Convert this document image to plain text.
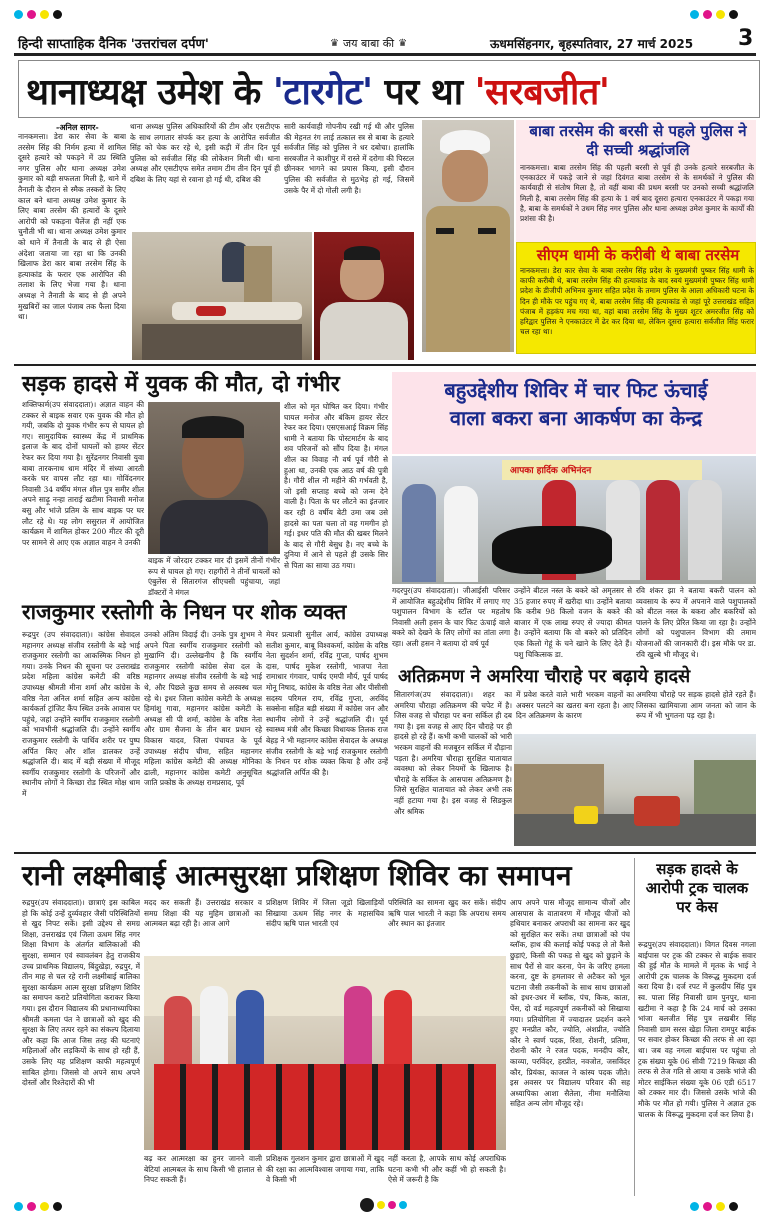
हिन्दी साप्ताहिक दैनिक 'उत्तरांचल दर्पण'	♛ जय बाबा की ♛	ऊधमसिंहनगर, बृहस्पतिवार, 27 मार्च 2025 3
थानाध्यक्ष उमेश के 'टारगेट' पर था 'सरबजीत'
-अनिल सागर-
नानकमत्ता। डेरा कार सेवा के बाबा तरसेम सिंह की निर्मम हत्या में शामिल दूसरे हत्यारे को पकड़ने में उप्र स्थिति नगर पुलिस और थाना अध्यक्ष उमेश कुमार को बड़ी सफलता मिली है, थाने में तैनाती के दौरान से स्मैक तस्करों के लिए काल बने थाना अध्यक्ष उमेश कुमार के लिए बाबा तरसेम की हत्यारों के दूसरे आरोपी को पकड़ना चैलेंज ही नहीं एक चुनौती भी था। थाना अध्यक्ष उमेश कुमार को थाने में तैनाती के बाद से ही ऐसा अंदेशा जताया जा रहा था कि उनकी खिलाफ डेरा कार बाबा तरसेम सिंह के हत्याकांड के फरार एक आरोपित की तलाश के लिए भेजा गया है। थाना अध्यक्ष ने तैनाती के बाद से ही अपने मुखबिरों का जाल पंजाब तक फैला दिया था।
थाना अध्यक्ष पुलिस अधिकारियों की टीम और एसटीएफ के साथ लगातार संपर्क कर हत्या के आरोपित सर्वजीत सिंह को चेक कर रहे थे, इसी कड़ी में तीन दिन पूर्व पुलिस को सर्वजीत सिंह की लोकेशन मिली थी। थाना अध्यक्ष और एसटीएफ समेत तमाम टीम तीन दिन पूर्व ही दबिश के लिए यहां से रवाना हो गई थी, दबिश की
सारी कार्यवाही गोपनीय रखी गई थी और पुलिस की मेहनत रंग लाई तत्काल स्त्र से बाबा के हत्यारे सर्वजीत सिंह को पुलिस ने धर दबोचा। हालांकि सरबजीत ने काशीपुर में रास्ते में दरोगा की पिस्टल छीनकर भागने का प्रयास किया, इसी दौरान पुलिस की सर्वजीत से मुठभेड़ हो गई, जिसमें उसके पैर में दो गोली लगी है।
बाबा तरसेम की बरसी से पहले पुलिस ने दी सच्ची श्रद्धांजलि
नानकमत्ता। बाबा तरसेम सिंह की पहली बरसी से पूर्व ही उनके हत्यारे सरबजीत के एनकाउंटर में पकड़े जाने से जहां दिवंगत बाबा तरसेम से के समर्थकों ने पुलिस की कार्यवाही से संतोष मिला है, तो वहीं बाबा की प्रथम बरसी पर उनको सच्ची श्रद्धांजलि मिली है, बाबा तरसेम सिंह की हत्या के 1 वर्ष बाद दूसरा हत्यारा एनकाउंटर में पकड़ा गया है, बाबा के समर्थकों ने उधम सिंह नगर पुलिस और थाना अध्यक्ष उमेश कुमार के कार्यों की प्रशंसा की है।
सीएम धामी के करीबी थे बाबा तरसेम
नानकमत्ता। डेरा कार सेवा के बाबा तरसेम सिंह प्रदेश के मुख्यमंत्री पुष्कर सिंह धामी के काफी करीबी थे, बाबा तरसेम सिंह की हत्याकांड के बाद स्वयं मुख्यमंत्री पुष्कर सिंह धामी प्रदेश के डीजीपी अभिनव कुमार सहित प्रदेश के तमाम पुलिस के आला अधिकारी घटना के दिन ही मौके पर पहुंच गए थे, बाबा तरसेम सिंह की हत्याकांड से जहां पूरे उत्तराखंड सहित पंजाब में हड़कंप मच गया था, वहां बाबा तरसेम सिंह के मुख्य शूटर अमरजीत सिंह को हरिद्वार पुलिस ने एनकाउंटर में ढेर कर दिया था, लेकिन दूसरा हत्यारा सर्वजीत सिंह फरार चल रहा था।
सड़क हादसे में युवक की मौत, दो गंभीर
शक्तिफार्म(उप संवाददाता)। अज्ञात वाहन की टक्कर से बाइक सवार एक युवक की मौत हो गयी, जबकि दो युवक गंभीर रूप से घायल हो गए। सामुदायिक स्वास्थ्य केंद्र में प्राथमिक इलाज के बाद दोनों घायलों को हायर सेंटर रेफर कर दिया गया है। सुरेंद्रनगर निवासी युवा बाबा तारकनाथ धाम मंदिर में संध्या आरती करके घर वापस लौट रहा था। गोविंदनगर निवासी 34 वर्षीय मंगल शील पुत्र समीर शील अपने साढ़ू नन्हा ताराई खटीमा निवासी मनोज बसु और भांजे प्रतिम के साथ बाइक पर घर लौट रहे थे। यह लोग ससुराल में आयोजित कार्यक्रम में शामिल होकर 200 मीटर की दूरी पर सामने से आए एक अज्ञात वाहन ने उनकी
बाइक में जोरदार टक्कर मार दी इसमें तीनों गंभीर रूप से घायल हो गए। राहगीरों ने तीनों घायलों को एंबुलेंस से सितारगंज सीएचसी पहुंचाया, जहां डॉक्टरों ने मंगल
शील को मृत घोषित कर दिया। गंभीर घायल मनोज और बंकिम हायर सेंटर रेफर कर दिया। एसएसआई विक्रम सिंह धामी ने बताया कि पोस्टमार्टम के बाद शव परिजनों को सौंप दिया है। मंगल शील का विवाह नौ वर्ष पूर्व गौरी से हुआ था, उनकी एक आठ वर्ष की पुत्री है। गौरी शील नौ महीने की गर्भवती है, जो इसी सप्ताह बच्चे को जन्म देने वाली है। पिता के घर लौटने का इंतजार कर रही 8 वर्षीय बेटी उमा जब उसे हादसे का पता चला तो वह गमगीन हो गई। इधर पति की मौत की खबर मिलने के बाद से गौरी बेसुध है। नए बच्चे के दुनिया में आने से पहले ही उसके सिर से पिता का साया उठ गया।
बहुउद्देशीय शिविर में चार फिट ऊंचाई
वाला बकरा बना आकर्षण का केन्द्र
आपका हार्दिक अभिनंदन
गदरपुर(उप संवाददाता)। जीआईसी परिसर में आयोजित बहुउद्देशीय शिविर में लगाए गए पशुपालन विभाग के स्टॉल पर महतोष निवासी अली हसन के चार फिट ऊंचाई वाले बकरे को देखने के लिए लोगों का तांता लगा रहा। अली हसन ने बताया दो वर्ष पूर्व
उन्होंने बीटल नस्ल के बकरे को अमृतसर से 35 हजार रुपए में खरीदा था। उन्होंने बताया कि करीब 98 किलो वजन के बकरे की बाजार में एक लाख रुपए से ज्यादा कीमत है। उन्होंने बताया कि वो बकरे को प्रतिदिन एक किलो गेहूं के चने खाने के लिए देते हैं। पशु चिकित्सक डा.
रवि शंकर झा ने बताया बकरी पालन को व्यवसाय के रूप में अपनाने वाले पशुपालकों को बीटल नस्ल के बकरा और बकरियों को पालने के लिए प्रेरित किया जा रहा है। उन्होंने लोगों को पशुपालन विभाग की तमाम योजनाओं की जानकारी दी। इस मौके पर डा. रवि खुल्बे भी मौजूद थे।
राजकुमार रस्तोगी के निधन पर शोक व्यक्त
रूद्रपुर (उप संवाददाता)। कांग्रेस सेवादल महानगर अध्यक्ष संजीव रस्तोगी के बड़े भाई राजकुमार रस्तोगी का आकस्मिक निधन हो गया। उनके निधन की सूचना पर उत्तराखंड प्रदेश महिला कांग्रेस कमेटी की वरिष्ठ उपाध्यक्ष श्रीमती मीना शर्मा और कांग्रेस के वरिष्ठ नेता अनिल शर्मा सहित अन्य कांग्रेस कार्यकर्ता ट्रांजिट कैंप स्थित उनके आवास पर पहुंचे, जहां उन्होंने स्वर्गीय राजकुमार रस्तोगी को भावभीनी श्रद्धांजलि दी। उन्होंने स्वर्गीय राजकुमार रस्तोगी के पार्थिव शरीर पर पुष्प अर्पित किए और शॉल डालकर उन्हें श्रद्धांजलि दी। बाद में बड़ी संख्या में मौजूद स्वर्गीय राजकुमार रस्तोगी के परिजनों और स्थानीय लोगों ने किच्छा रोड स्थित मोक्ष धाम में
उनको अंतिम विदाई दी। उनके पुत्र शुभम ने अपने पिता स्वर्गीय राजकुमार रस्तोगी को मुखाग्नि दी। उल्लेखनीय है कि स्वर्गीय राजकुमार रस्तोगी कांग्रेस सेवा दल के महानगर अध्यक्ष संजीव रस्तोगी के बड़े भाई थे, और पिछले कुछ समय से अस्वस्थ चल रहे थे। इधर जिला कांग्रेस कमेटी के अध्यक्ष हिमांशु गावा, महानगर कांग्रेस कमेटी के अध्यक्ष सी पी शर्मा, कांग्रेस के वरिष्ठ नेता और ग्राम सैजना के तीन बार प्रधान रहे विकास यादव, जिला पंचायत के पूर्व उपाध्यक्ष संदीप चीमा, सहित महानगर महिला कांग्रेस कमेटी की अध्यक्ष मोनिका ढाली, महानगर कांग्रेस कमेटी अनुसूचित जाति प्रकोष्ठ के अध्यक्ष रामप्रसाद, पूर्व
मेयर प्रत्याशी सुनील आर्य, कांग्रेस उपाध्यक्ष सतीश कुमार, बाबू विश्वकर्मा, कांग्रेस के वरिष्ठ नेता सुदर्शन शर्मा, रविंद्र गुप्ता, पार्षद शुभम दास, पार्षद मुकेश रस्तोगी, भाजपा नेता रामाधार गंगवार, पार्षद एमपी मौर्य, पूर्व पार्षद मोनू निषाद, कांग्रेस के वरिष्ठ नेता और पीसीसी सदस्य परिमल राय, रविंद्र गुप्ता, अरविंद सक्सेना सहित बड़ी संख्या में कांग्रेस जन और स्थानीय लोगों ने उन्हें श्रद्धांजलि दी। पूर्व स्वास्थ्य मंत्री और किच्छा विधायक तिलक राज बेहड़ ने भी महानगर कांग्रेस सेवादल के अध्यक्ष संजीव रस्तोगी के बड़े भाई राजकुमार रस्तोगी के निधन पर शोक व्यक्त किया है और उन्हें श्रद्धांजलि अर्पित की है।
अतिक्रमण ने अमरिया चौराहे पर बढ़ाये हादसे
सितारगंज(उप संवाददाता)। शहर का अमरिया चौराहा अतिक्रमण की चपेट में है। जिस वजह से चौराहा पर बना सर्किल ही दब गया है। इस वजह से आए दिन चौराहे पर ही हादसे हो रहे हैं। कभी कभी चालकों को भारी भरकम वाहनों की मजबूरन सर्किल में दौड़ाना पड़ता है। अमरिया चौराहा सुरक्षित यातायात व्यवस्था को लेकर नियमों के खिलाफ है। चौराहे के सर्किल के आसपास अतिक्रमण है। जिसे सुरक्षित यातायात को लेकर अभी तक नहीं हटाया गया है। इस वजह से सिडकुल और श्रमिक
में प्रवेश करते वाले भारी भरकम वाहनों का अक्सर पलटने का खतरा बना रहता है। आए दिन अतिक्रमण के कारण
अमरिया चौराहे पर सड़क हादसे होते रहते हैं। जिसका खामियाजा आम जनता को जान के रूप में भी भुगतना पड़ रहा है।
रानी लक्ष्मीबाई आत्मसुरक्षा प्रशिक्षण शिविर का समापन
रुद्रपुर(उप संवाददाता)। छात्राएं इस काबिल हो कि कोई उन्हें दुर्व्यवहार जैसी परिस्थितियों से खुद निपट सकें। इसी उद्देश्य से समग्र शिक्षा, उत्तराखंड एवं जिला ऊधम सिंह नगर शिक्षा विभाग के अंतर्गत बालिकाओं की सुरक्षा, सम्मान एवं स्वावलंबन हेतु राजकीय उच्च प्राथमिक विद्यालय, बिंदुखेड़ा, रुद्रपुर, में तीन माह से चल रहे रानी लक्ष्मीबाई बालिका सुरक्षा कार्यक्रम आत्म सुरक्षा प्रशिक्षण शिविर का समापन कराटे प्रतियोगिता कराकर किया गया। इस दौरान विद्यालय की प्रधानाध्यापिका श्रीमती कमला पंत ने छात्राओं को खुद की सुरक्षा के लिए तत्पर रहने का संकल्प दिलाया और कहा कि आज जिस तरह की घटनाएं महिलाओं और लड़कियों के साथ हो रही हैं, उसके लिए यह प्रशिक्षण काफी महत्वपूर्ण साबित होगा। जिससे वो अपने साथ अपने दोस्तों और रिश्तेदारों की भी
मदद कर सकती हैं। उत्तराखंड सरकार व समग्र शिक्षा की यह मुहिम छात्राओं का आत्मबल बढ़ा रही है। आज आगे
प्रशिक्षण शिविर में जिला जूडो खिलाड़ियों सिखाया ऊधम सिंह नगर के महासचिव संदीप ऋषि पाल भारती एवं
परिस्थिति का सामना खुद कर सकें। संदीप ऋषि पाल भारती ने कहा कि अपराध समय और स्थान का इंतजार
बढ़ कर आत्मरक्षा का हुनर जानने वाली बेटियां आत्मबल के साथ किसी भी हालात से निपट सकती हैं।
प्रशिक्षक गुलशन कुमार द्वारा छात्राओं में खुद की रक्षा का आत्मविश्वास जगाया गया, ताकि वे किसी भी
नहीं करता है, आपके साथ कोई अपराधिक घटना कभी भी और कहीं भी हो सकती है। ऐसे में जरूरी है कि
आप अपने पास मौजूद सामान्य चीजों और आसपास के वातावरण में मौजूद चीजों को हथियार बनाकर अपराधी का सामना कर खुद को सुरक्षित कर सकें। तथा छात्राओं को पंच ब्लॉक, हाथ की कलाई कोई पकड़ ले तो कैसे छुड़ाएं, किसी की पकड़ से खुद को छुड़ाने के साथ पैरों से वार करना, पेन के जरिए हमला करना, दुष्ट के हमलावर से अटैकर को भूल चटाना जैसी तकनीकों के साथ साथ छात्राओं को इधर-उधर में ब्लॉक, पंच, किक, काता, पेंस, दो वर्ड महत्वपूर्ण तकनीकों को सिखाया गया। प्रतियोगिता में ज्यादातर प्रदर्शन करने हुए मनप्रीत कौर, ज्योति, अंशप्रीत, ज्योति कौर ने स्वर्ण पदक, रिंशा, रोशनी, प्रतिमा, रोशनी कौर ने रजत पदक, मनदीप कौर, काव्या, परविंदर, हरप्रीत, नवजोत, जसविंदर कौर, प्रियंका, काजल ने कांस्य पदक जीते। इस अवसर पर विद्यालय परिवार की सह अध्यापिका आशा सैतेला, नीमा मनौलिया सहित अन्य लोग मौजूद रहे।
सड़क हादसे के आरोपी ट्रक चालक पर केस
रूद्रपुर(उप संवाददाता)। विगत दिवस नगला बाईपास पर ट्रक की टक्कर से बाईक सवार की हुई मौत के मामले में मृतक के भाई ने आरोपी ट्रक चालक के विरूद्ध मुकदमा दर्ज करा दिया है। दर्ज रपट में कुलदीप सिंह पुत्र स्व. पाला सिंह निवासी ग्राम पुनपुर, थाना खटीमा ने कहा है कि 24 मार्च को उसका भांजा बलजीत सिंह पुत्र लखबीर सिंह निवासी ग्राम सरस खेड़ा जिला रामपुर बाईक पर सवार होकर किच्छा की तरफ से आ रहा था। जब वह नगला बाईपास पर पहुंचा तो ट्रक संख्या यूके 06 सीवी 7219 किच्छा की तरफ से तेज गति से आया व उसके भांजे की मोटर साईकिल संख्या यूके 06 एडी 6517 को टक्कर मार दी। जिससे उसके भांजे की मौके पर मौत हो गयी। पुलिस ने अज्ञात ट्रक चालक के विरूद्ध मुकदमा दर्ज कर लिया है।
